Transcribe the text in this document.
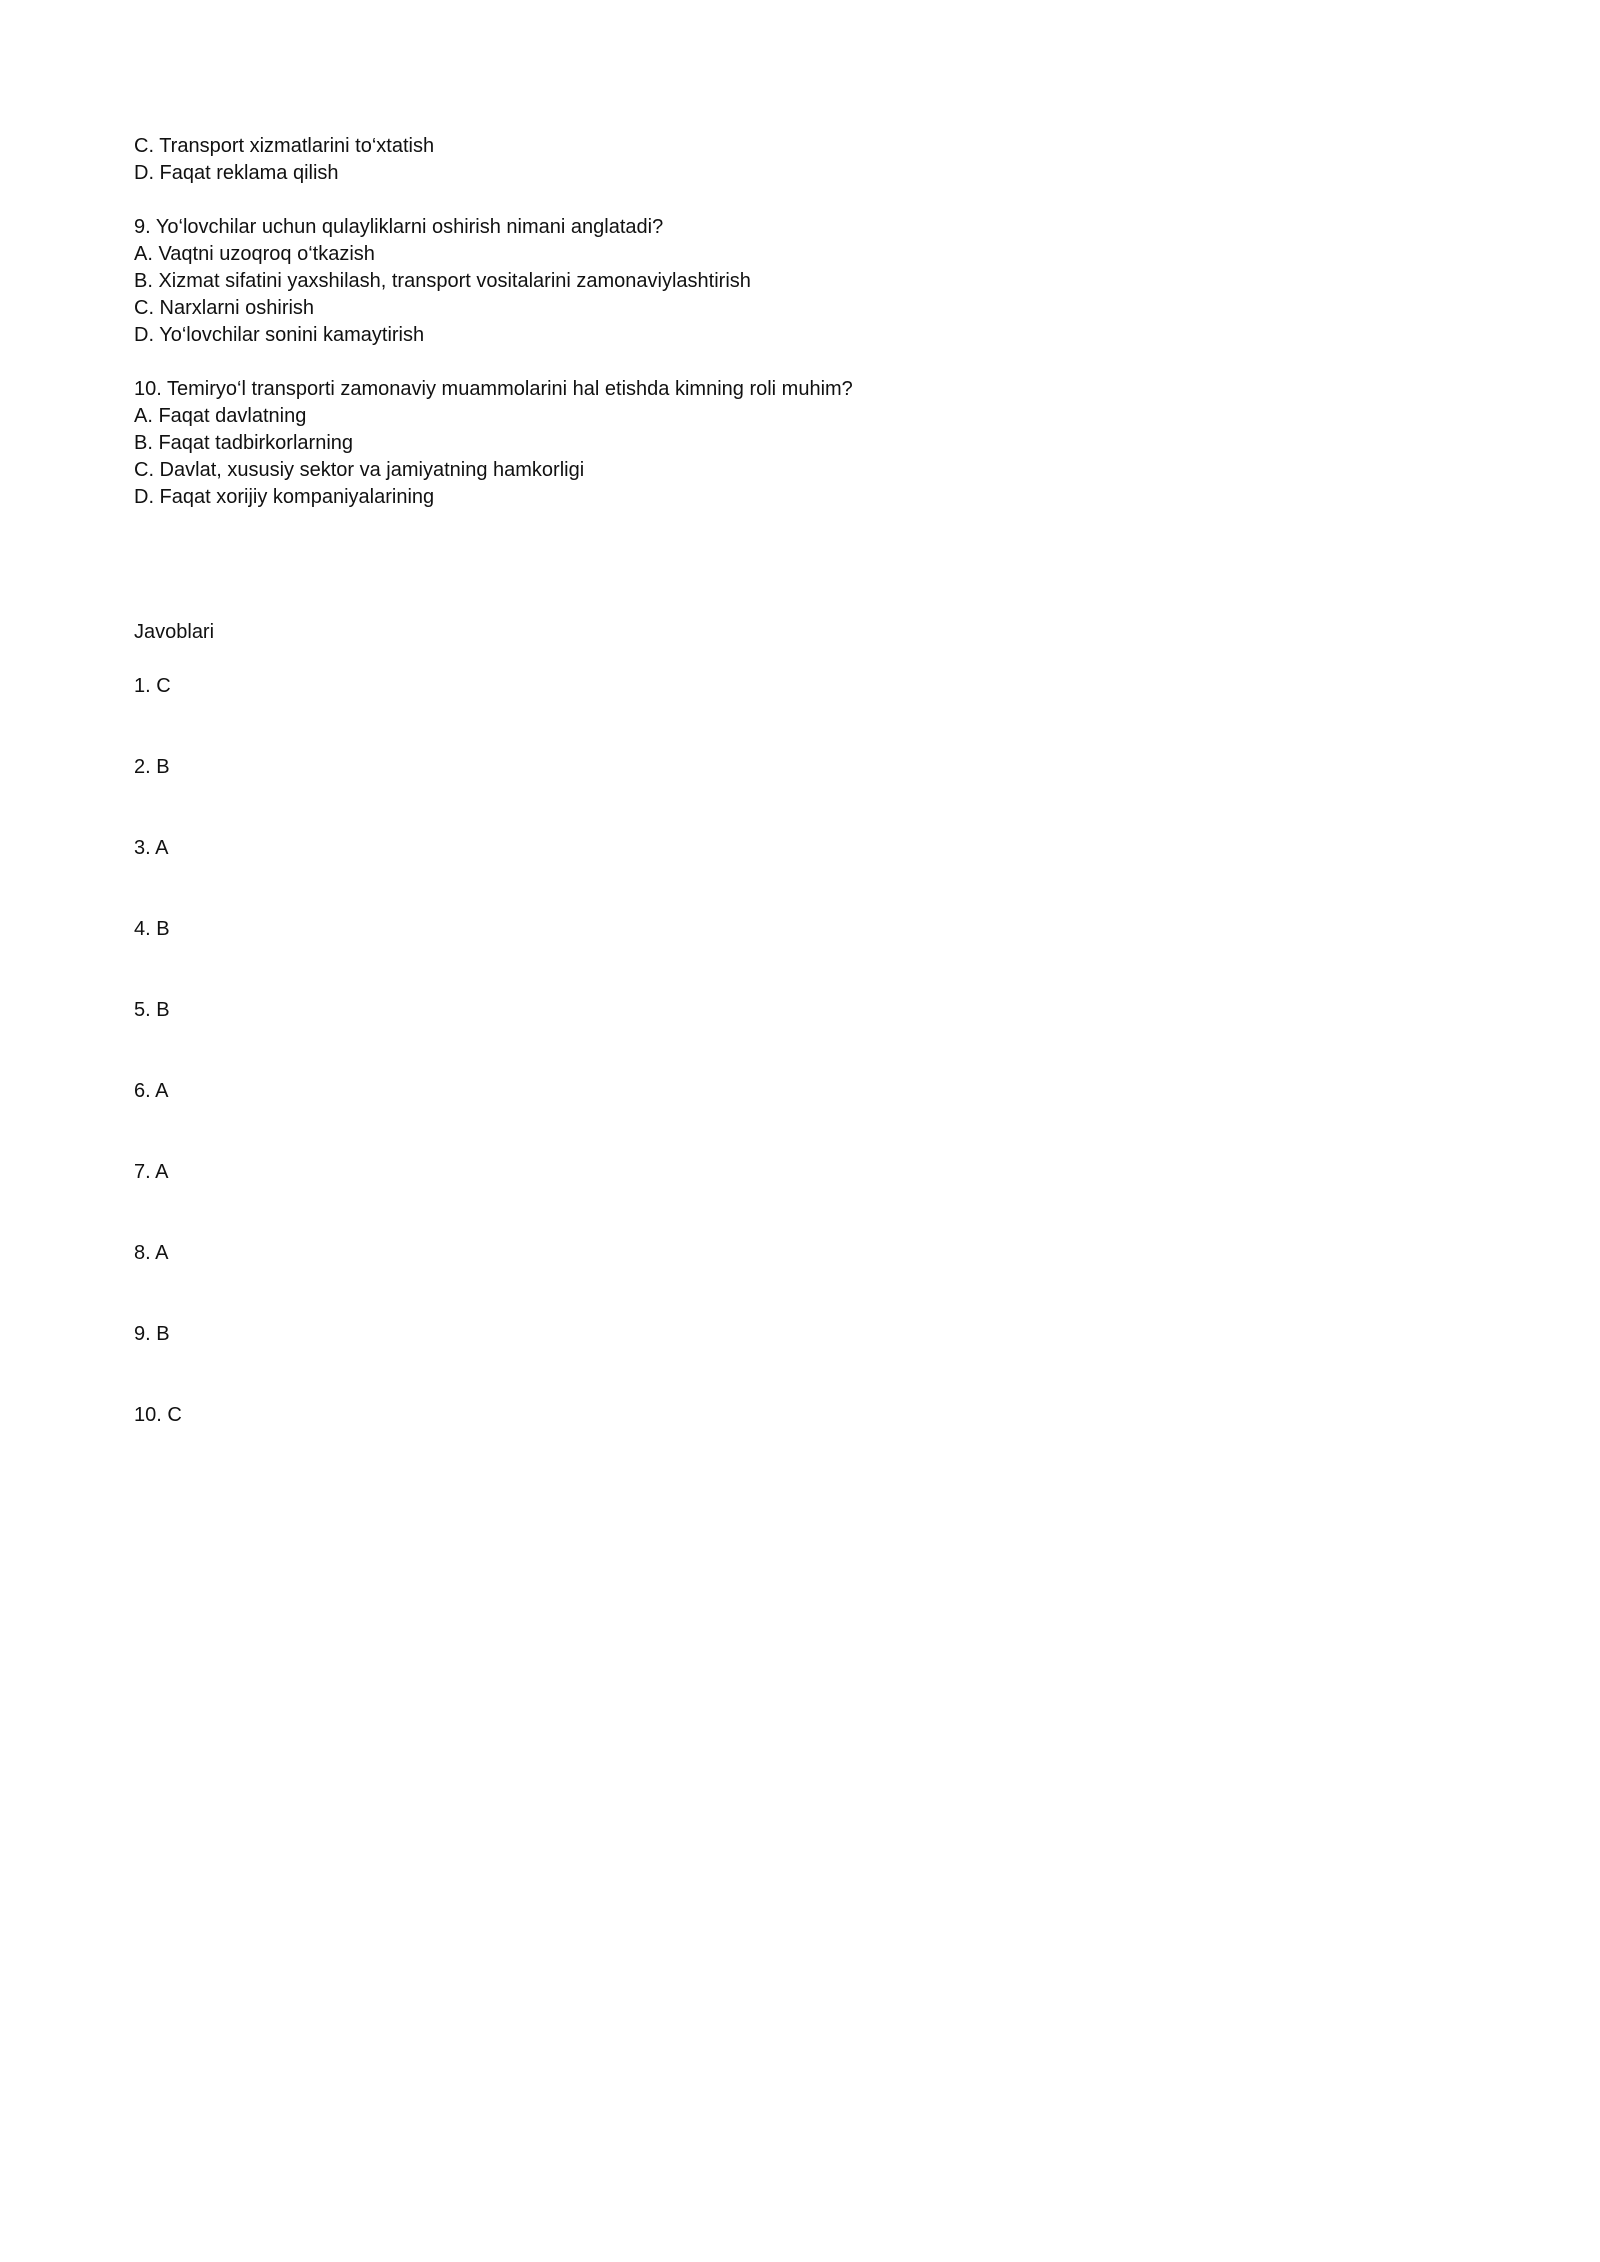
C. Transport xizmatlarini to‘xtatish
D. Faqat reklama qilish
9. Yo‘lovchilar uchun qulayliklarni oshirish nimani anglatadi?
A. Vaqtni uzoqroq o‘tkazish
B. Xizmat sifatini yaxshilash, transport vositalarini zamonaviylashtirish
C. Narxlarni oshirish
D. Yo‘lovchilar sonini kamaytirish
10. Temiryo‘l transporti zamonaviy muammolarini hal etishda kimning roli muhim?
A. Faqat davlatning
B. Faqat tadbirkorlarning
C. Davlat, xususiy sektor va jamiyatning hamkorligi
D. Faqat xorijiy kompaniyalarining
Javoblari
1. C
2. B
3. A
4. B
5. B
6. A
7. A
8. A
9. B
10. C
